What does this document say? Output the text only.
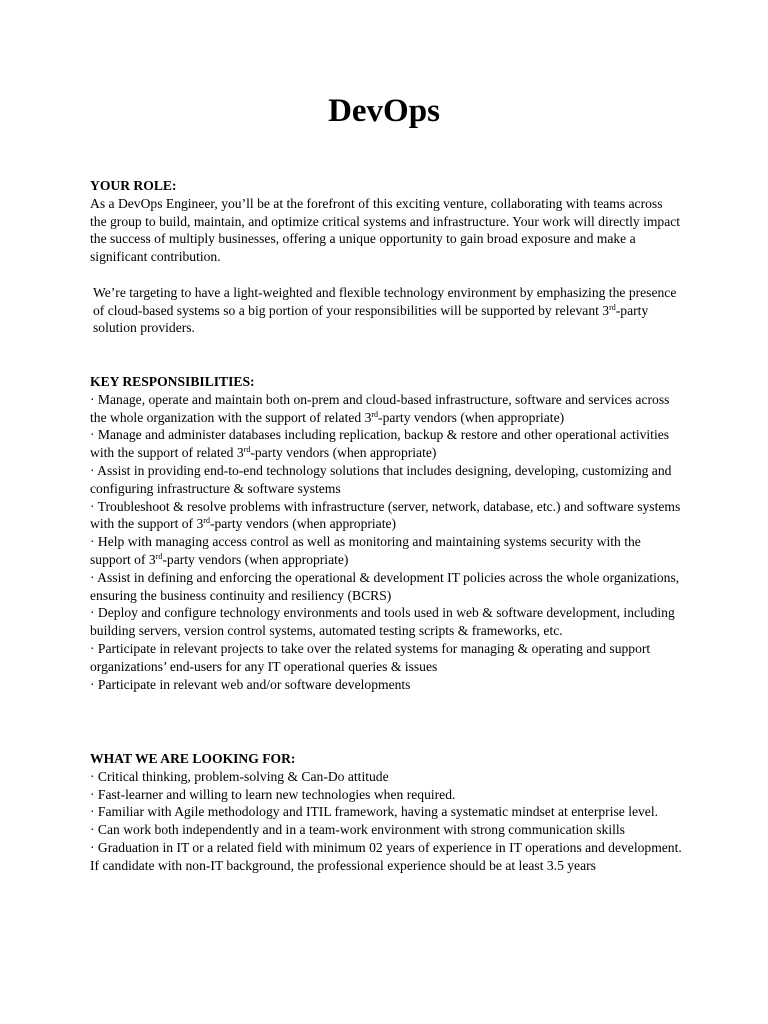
DevOps

YOUR ROLE:

As a DevOps Engineer, you’ll be at the forefront of this exciting venture, collaborating with teams across the group to build, maintain, and optimize critical systems and infrastructure. Your work will directly impact the success of multiply businesses, offering a unique opportunity to gain broad exposure and make a significant contribution.

We’re targeting to have a light-weighted and flexible technology environment by emphasizing the presence of cloud-based systems so a big portion of your responsibilities will be supported by relevant 3rd-party solution providers.

KEY RESPONSIBILITIES:

· Manage, operate and maintain both on-prem and cloud-based infrastructure, software and services across the whole organization with the support of related 3rd-party vendors (when appropriate)
· Manage and administer databases including replication, backup & restore and other operational activities with the support of related 3rd-party vendors (when appropriate)
· Assist in providing end-to-end technology solutions that includes designing, developing, customizing and configuring infrastructure & software systems
· Troubleshoot & resolve problems with infrastructure (server, network, database, etc.) and software systems with the support of 3rd-party vendors (when appropriate)
· Help with managing access control as well as monitoring and maintaining systems security with the support of 3rd-party vendors (when appropriate)
· Assist in defining and enforcing the operational & development IT policies across the whole organizations, ensuring the business continuity and resiliency (BCRS)
· Deploy and configure technology environments and tools used in web & software development, including building servers, version control systems, automated testing scripts & frameworks, etc.
· Participate in relevant projects to take over the related systems for managing & operating and support organizations’ end-users for any IT operational queries & issues
· Participate in relevant web and/or software developments

WHAT WE ARE LOOKING FOR:

· Critical thinking, problem-solving & Can-Do attitude
· Fast-learner and willing to learn new technologies when required.
· Familiar with Agile methodology and ITIL framework, having a systematic mindset at enterprise level.
· Can work both independently and in a team-work environment with strong communication skills
· Graduation in IT or a related field with minimum 02 years of experience in IT operations and development. If candidate with non-IT background, the professional experience should be at least 3.5 years
